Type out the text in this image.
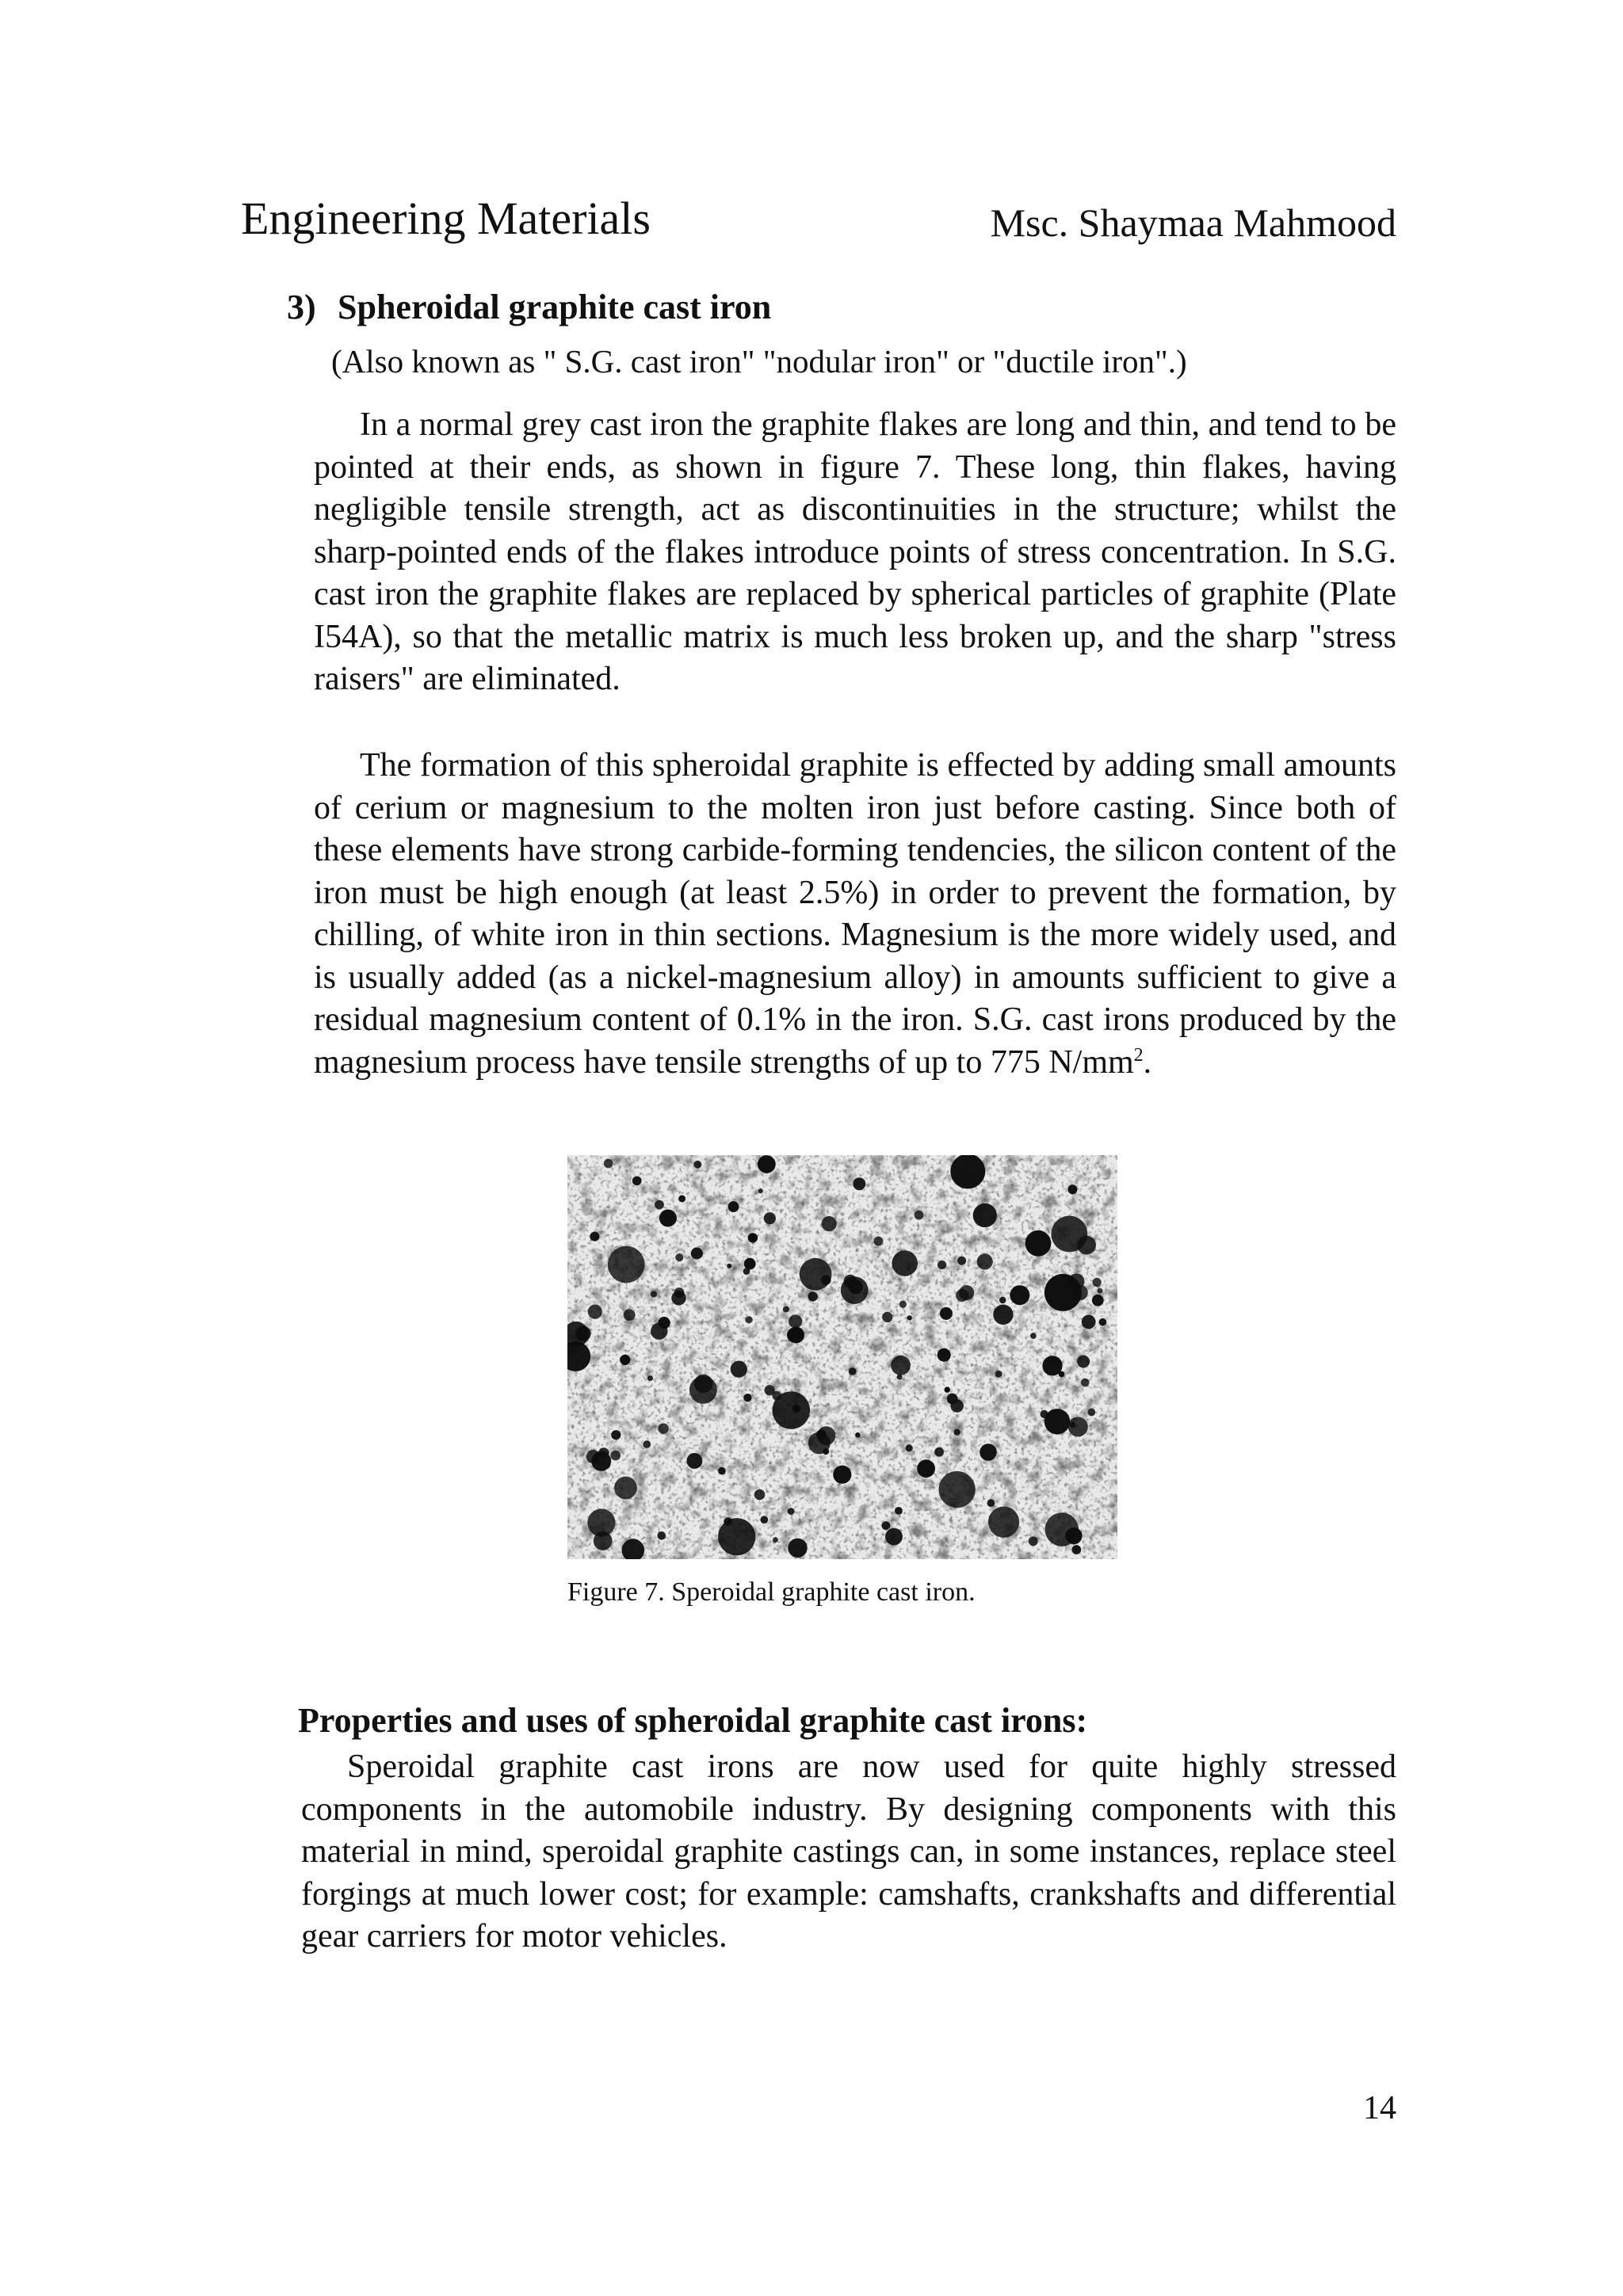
Engineering Materials	Msc. Shaymaa Mahmood
3) Spheroidal graphite cast iron
(Also known as " S.G. cast iron" "nodular iron" or "ductile iron".)

In a normal grey cast iron the graphite flakes are long and thin, and tend to be pointed at their ends, as shown in figure 7. These long, thin flakes, having negligible tensile strength, act as discontinuities in the structure; whilst the sharp-pointed ends of the flakes introduce points of stress concentration. In S.G. cast iron the graphite flakes are replaced by spherical particles of graphite (Plate I54A), so that the metallic matrix is much less broken up, and the sharp "stress raisers" are eliminated.

The formation of this spheroidal graphite is effected by adding small amounts of cerium or magnesium to the molten iron just before casting. Since both of these elements have strong carbide-forming tendencies, the silicon content of the iron must be high enough (at least 2.5%) in order to prevent the formation, by chilling, of white iron in thin sections. Magnesium is the more widely used, and is usually added (as a nickel-magnesium alloy) in amounts sufficient to give a residual magnesium content of 0.1% in the iron. S.G. cast irons produced by the magnesium process have tensile strengths of up to 775 $N/mm^2$.

Figure 7. Speroidal graphite cast iron.
Properties and uses of spheroidal graphite cast irons:

Speroidal graphite cast irons are now used for quite highly stressed components in the automobile industry. By designing components with this material in mind, speroidal graphite castings can, in some instances, replace steel forgings at much lower cost; for example: camshafts, crankshafts and differential gear carriers for motor vehicles.

14
